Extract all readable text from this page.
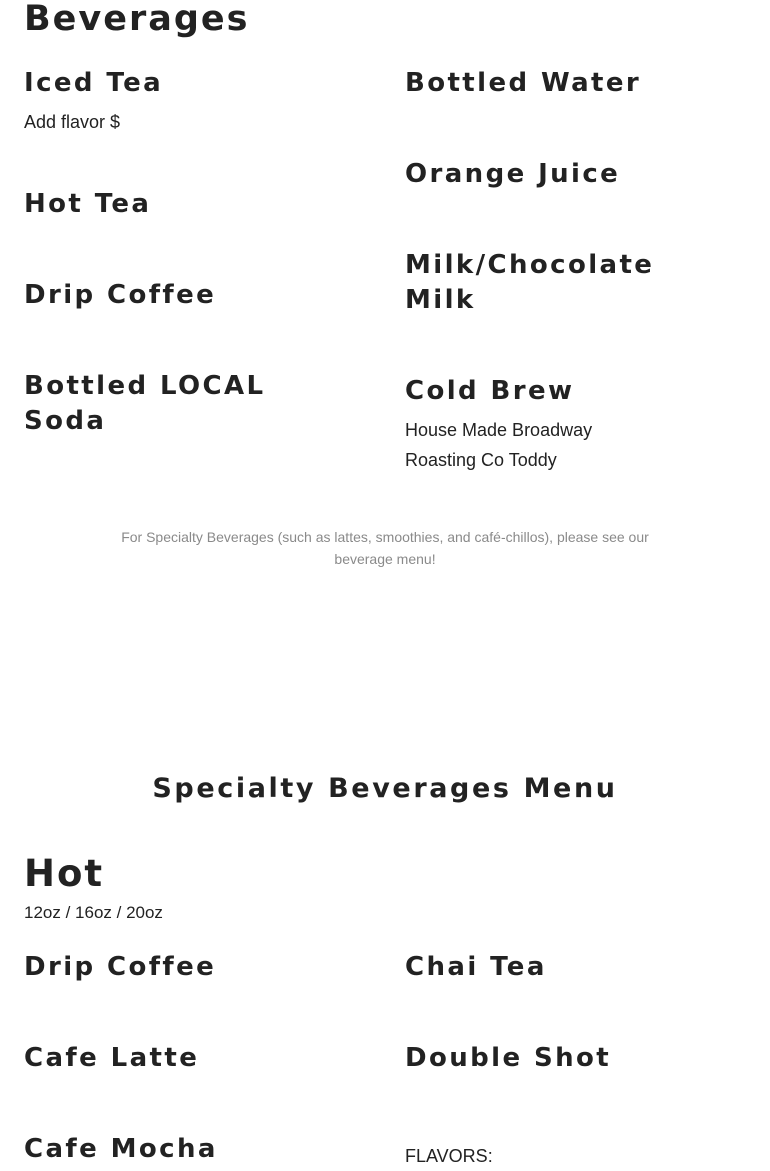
Beverages
Iced Tea

Add flavor $

Hot Tea
Drip Coffee
Bottled LOCAL Soda
Bottled Water
Orange Juice
Milk/Chocolate Milk
Cold Brew

House Made Broadway Roasting Co Toddy

For Specialty Beverages (such as lattes, smoothies, and café-chillos), please see our beverage menu!

Specialty Beverages Menu
Hot

12oz / 16oz / 20oz

Drip Coffee
Cafe Latte
Cafe Mocha
Chai Tea
Double Shot

FLAVORS:
